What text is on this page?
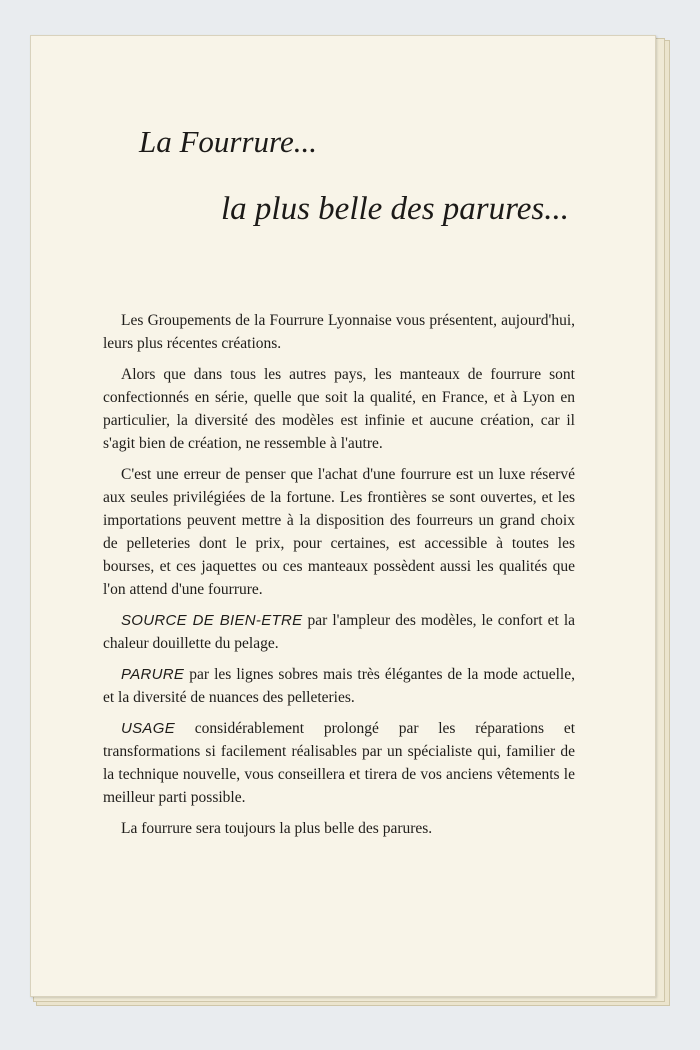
La Fourrure...
la plus belle des parures...

Les Groupements de la Fourrure Lyonnaise vous présentent, aujourd'hui, leurs plus récentes créations.

Alors que dans tous les autres pays, les manteaux de fourrure sont confectionnés en série, quelle que soit la qualité, en France, et à Lyon en particulier, la diversité des modèles est infinie et aucune création, car il s'agit bien de création, ne ressemble à l'autre.

C'est une erreur de penser que l'achat d'une fourrure est un luxe réservé aux seules privilégiées de la fortune. Les frontières se sont ouvertes, et les importations peuvent mettre à la disposition des fourreurs un grand choix de pelleteries dont le prix, pour certaines, est accessible à toutes les bourses, et ces jaquettes ou ces manteaux possèdent aussi les qualités que l'on attend d'une fourrure.

SOURCE DE BIEN-ETRE par l'ampleur des modèles, le confort et la chaleur douillette du pelage.

PARURE par les lignes sobres mais très élégantes de la mode actuelle, et la diversité de nuances des pelleteries.

USAGE considérablement prolongé par les réparations et transformations si facilement réalisables par un spécialiste qui, familier de la technique nouvelle, vous conseillera et tirera de vos anciens vêtements le meilleur parti possible.

La fourrure sera toujours la plus belle des parures.
